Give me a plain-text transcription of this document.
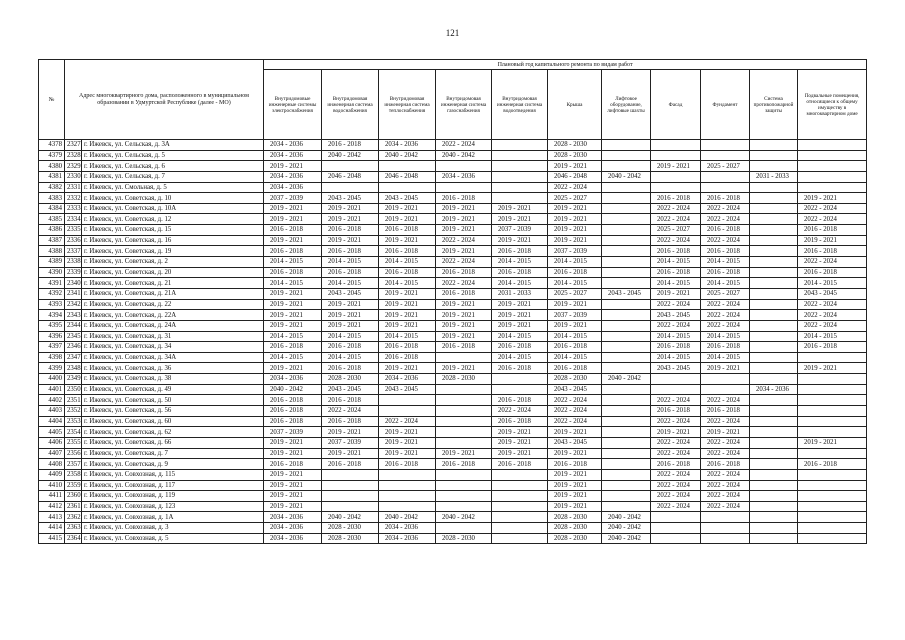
121
№	Адрес многоквартирного дома, расположенного в муниципальном образовании в Удмуртской Республике (далее - МО)		Плановый год капитального ремонта по видам работ										
			Внутридомовые инженерные системы электроснабжения	Внутридомовая инженерная система водоснабжения	Внутридомовая инженерная система теплоснабжения	Внутридомовая инженерная система газоснабжения	Внутридомовая инженерная система водоотведения	Крыша	Лифтовое оборудование, лифтовые шахты	Фасад	Фундамент	Система противопожарной защиты	Подвальные помещения, относящиеся к общему имуществу в многоквартирном доме
4378	2327	г. Ижевск, ул. Сельская, д. 3А	2034 - 2036	2016 - 2018	2034 - 2036	2022 - 2024		2028 - 2030					
4379	2328	г. Ижевск, ул. Сельская, д. 5	2034 - 2036	2040 - 2042	2040 - 2042	2040 - 2042		2028 - 2030					
4380	2329	г. Ижевск, ул. Сельская, д. 6	2019 - 2021					2019 - 2021		2019 - 2021	2025 - 2027		
4381	2330	г. Ижевск, ул. Сельская, д. 7	2034 - 2036	2046 - 2048	2046 - 2048	2034 - 2036		2046 - 2048	2040 - 2042			2031 - 2033	
4382	2331	г. Ижевск, ул. Смольная, д. 5	2034 - 2036					2022 - 2024					
4383	2332	г. Ижевск, ул. Советская, д. 10	2037 - 2039	2043 - 2045	2043 - 2045	2016 - 2018		2025 - 2027		2016 - 2018	2016 - 2018		2019 - 2021
4384	2333	г. Ижевск, ул. Советская, д. 10А	2019 - 2021	2019 - 2021	2019 - 2021	2019 - 2021	2019 - 2021	2019 - 2021		2022 - 2024	2022 - 2024		2022 - 2024
4385	2334	г. Ижевск, ул. Советская, д. 12	2019 - 2021	2019 - 2021	2019 - 2021	2019 - 2021	2019 - 2021	2019 - 2021		2022 - 2024	2022 - 2024		2022 - 2024
4386	2335	г. Ижевск, ул. Советская, д. 15	2016 - 2018	2016 - 2018	2016 - 2018	2019 - 2021	2037 - 2039	2019 - 2021		2025 - 2027	2016 - 2018		2016 - 2018
4387	2336	г. Ижевск, ул. Советская, д. 16	2019 - 2021	2019 - 2021	2019 - 2021	2022 - 2024	2019 - 2021	2019 - 2021		2022 - 2024	2022 - 2024		2019 - 2021
4388	2337	г. Ижевск, ул. Советская, д. 19	2016 - 2018	2016 - 2018	2016 - 2018	2019 - 2021	2016 - 2018	2037 - 2039		2016 - 2018	2016 - 2018		2016 - 2018
4389	2338	г. Ижевск, ул. Советская, д. 2	2014 - 2015	2014 - 2015	2014 - 2015	2022 - 2024	2014 - 2015	2014 - 2015		2014 - 2015	2014 - 2015		2022 - 2024
4390	2339	г. Ижевск, ул. Советская, д. 20	2016 - 2018	2016 - 2018	2016 - 2018	2016 - 2018	2016 - 2018	2016 - 2018		2016 - 2018	2016 - 2018		2016 - 2018
4391	2340	г. Ижевск, ул. Советская, д. 21	2014 - 2015	2014 - 2015	2014 - 2015	2022 - 2024	2014 - 2015	2014 - 2015		2014 - 2015	2014 - 2015		2014 - 2015
4392	2341	г. Ижевск, ул. Советская, д. 21А	2019 - 2021	2043 - 2045	2019 - 2021	2016 - 2018	2031 - 2033	2025 - 2027	2043 - 2045	2019 - 2021	2025 - 2027		2043 - 2045
4393	2342	г. Ижевск, ул. Советская, д. 22	2019 - 2021	2019 - 2021	2019 - 2021	2019 - 2021	2019 - 2021	2019 - 2021		2022 - 2024	2022 - 2024		2022 - 2024
4394	2343	г. Ижевск, ул. Советская, д. 22А	2019 - 2021	2019 - 2021	2019 - 2021	2019 - 2021	2019 - 2021	2037 - 2039		2043 - 2045	2022 - 2024		2022 - 2024
4395	2344	г. Ижевск, ул. Советская, д. 24А	2019 - 2021	2019 - 2021	2019 - 2021	2019 - 2021	2019 - 2021	2019 - 2021		2022 - 2024	2022 - 2024		2022 - 2024
4396	2345	г. Ижевск, ул. Советская, д. 31	2014 - 2015	2014 - 2015	2014 - 2015	2019 - 2021	2014 - 2015	2014 - 2015		2014 - 2015	2014 - 2015		2014 - 2015
4397	2346	г. Ижевск, ул. Советская, д. 34	2016 - 2018	2016 - 2018	2016 - 2018	2016 - 2018	2016 - 2018	2016 - 2018		2016 - 2018	2016 - 2018		2016 - 2018
4398	2347	г. Ижевск, ул. Советская, д. 34А	2014 - 2015	2014 - 2015	2016 - 2018		2014 - 2015	2014 - 2015		2014 - 2015	2014 - 2015		
4399	2348	г. Ижевск, ул. Советская, д. 36	2019 - 2021	2016 - 2018	2019 - 2021	2019 - 2021	2016 - 2018	2016 - 2018		2043 - 2045	2019 - 2021		2019 - 2021
4400	2349	г. Ижевск, ул. Советская, д. 38	2034 - 2036	2028 - 2030	2034 - 2036	2028 - 2030		2028 - 2030	2040 - 2042				
4401	2350	г. Ижевск, ул. Советская, д. 49	2040 - 2042	2043 - 2045	2043 - 2045			2043 - 2045				2034 - 2036	
4402	2351	г. Ижевск, ул. Советская, д. 50	2016 - 2018	2016 - 2018			2016 - 2018	2022 - 2024		2022 - 2024	2022 - 2024		
4403	2352	г. Ижевск, ул. Советская, д. 56	2016 - 2018	2022 - 2024			2022 - 2024	2022 - 2024		2016 - 2018	2016 - 2018		
4404	2353	г. Ижевск, ул. Советская, д. 60	2016 - 2018	2016 - 2018	2022 - 2024		2016 - 2018	2022 - 2024		2022 - 2024	2022 - 2024		
4405	2354	г. Ижевск, ул. Советская, д. 62	2037 - 2039	2019 - 2021	2019 - 2021		2019 - 2021	2019 - 2021		2019 - 2021	2019 - 2021		
4406	2355	г. Ижевск, ул. Советская, д. 66	2019 - 2021	2037 - 2039	2019 - 2021		2019 - 2021	2043 - 2045		2022 - 2024	2022 - 2024		2019 - 2021
4407	2356	г. Ижевск, ул. Советская, д. 7	2019 - 2021	2019 - 2021	2019 - 2021	2019 - 2021	2019 - 2021	2019 - 2021		2022 - 2024	2022 - 2024		
4408	2357	г. Ижевск, ул. Советская, д. 9	2016 - 2018	2016 - 2018	2016 - 2018	2016 - 2018	2016 - 2018	2016 - 2018		2016 - 2018	2016 - 2018		2016 - 2018
4409	2358	г. Ижевск, ул. Совхозная, д. 115	2019 - 2021					2019 - 2021		2022 - 2024	2022 - 2024		
4410	2359	г. Ижевск, ул. Совхозная, д. 117	2019 - 2021					2019 - 2021		2022 - 2024	2022 - 2024		
4411	2360	г. Ижевск, ул. Совхозная, д. 119	2019 - 2021					2019 - 2021		2022 - 2024	2022 - 2024		
4412	2361	г. Ижевск, ул. Совхозная, д. 123	2019 - 2021					2019 - 2021		2022 - 2024	2022 - 2024		
4413	2362	г. Ижевск, ул. Совхозная, д. 1А	2034 - 2036	2040 - 2042	2040 - 2042	2040 - 2042		2028 - 2030	2040 - 2042				
4414	2363	г. Ижевск, ул. Совхозная, д. 3	2034 - 2036	2028 - 2030	2034 - 2036			2028 - 2030	2040 - 2042				
4415	2364	г. Ижевск, ул. Совхозная, д. 5	2034 - 2036	2028 - 2030	2034 - 2036	2028 - 2030		2028 - 2030	2040 - 2042				
